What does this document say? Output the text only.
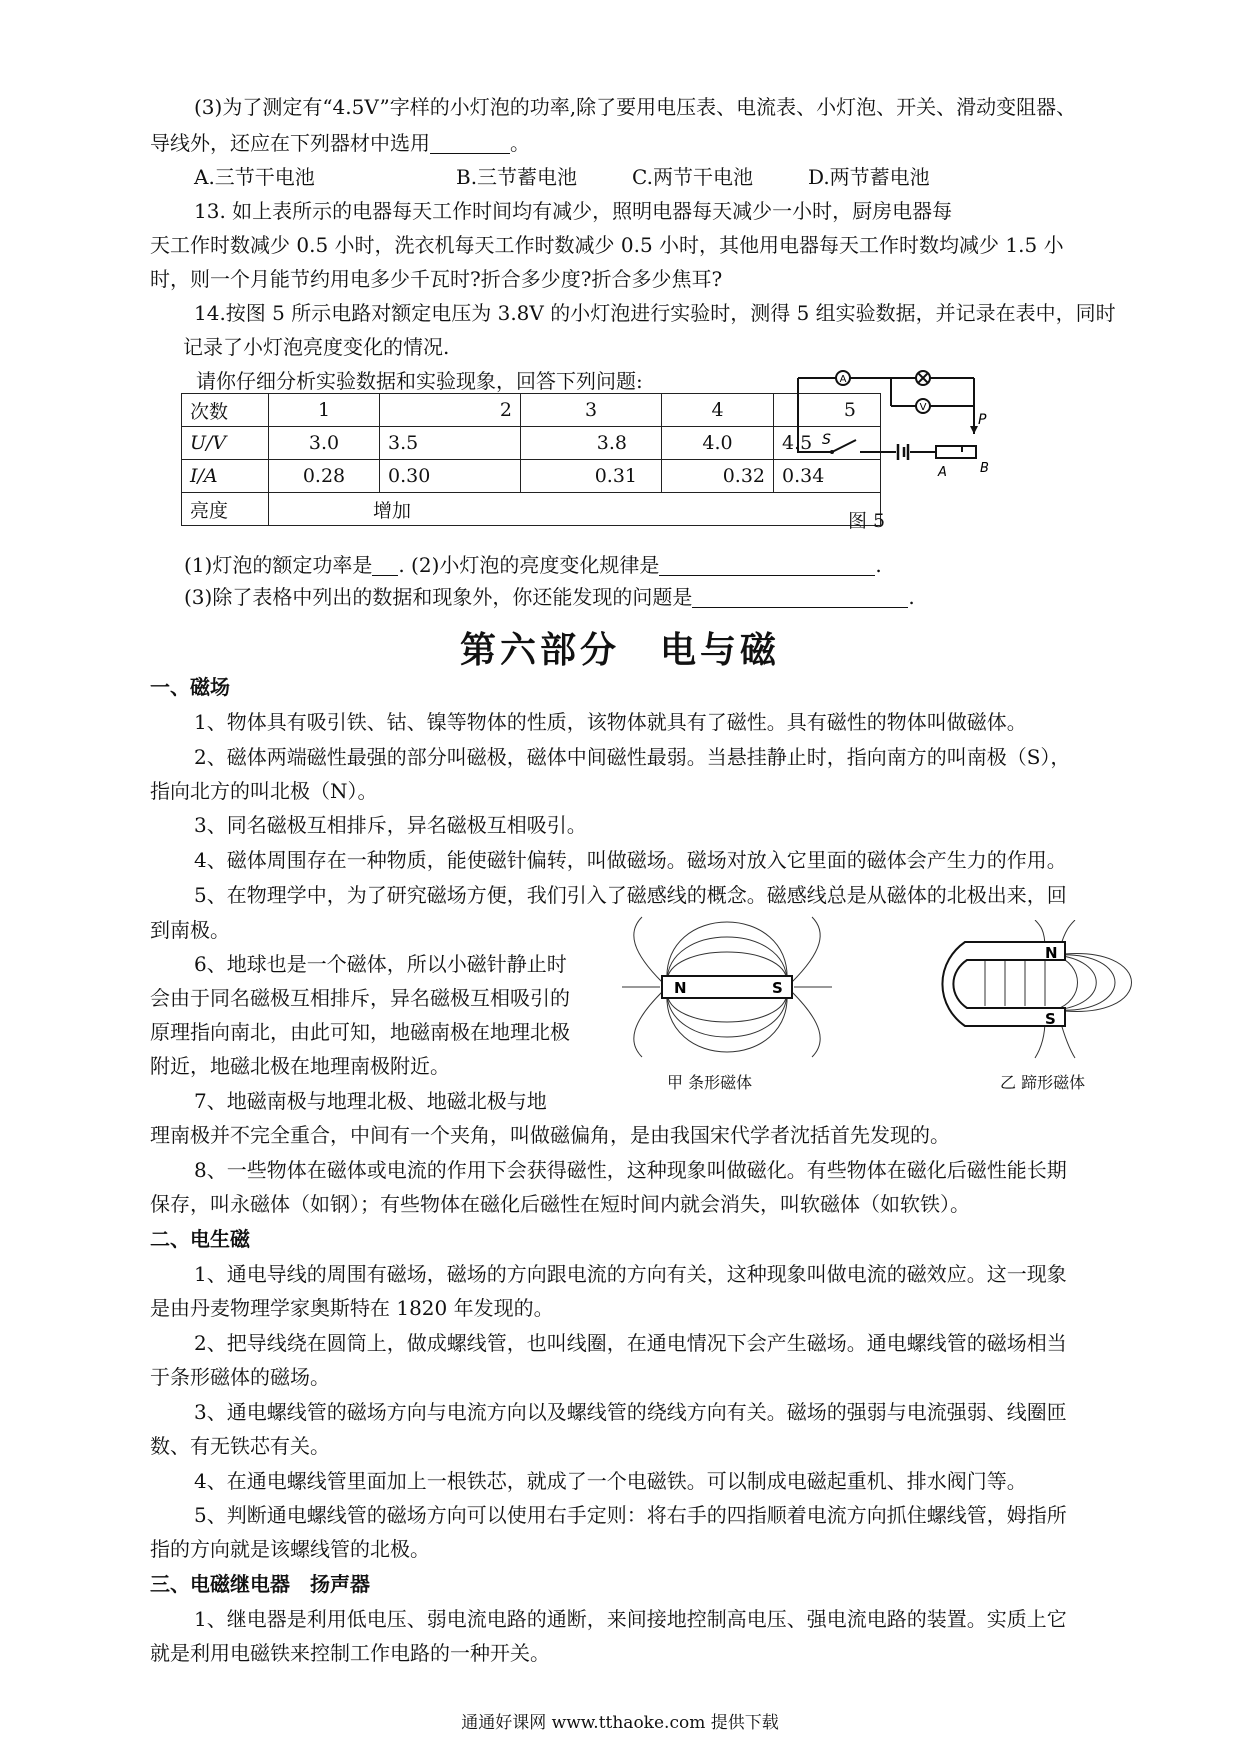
(3)为了测定有“4.5V”字样的小灯泡的功率,除了要用电压表、电流表、小灯泡、开关、滑动变阻器、
导线外，还应在下列器材中选用	。
A.三节干电池	B.三节蓄电池	C.两节干电池	D.两节蓄电池
13. 如上表所示的电器每天工作时间均有减少，照明电器每天减少一小时，厨房电器每
天工作时数减少 0.5 小时，洗衣机每天工作时数减少 0.5 小时，其他用电器每天工作时数均减少 1.5 小
时，则一个月能节约用电多少千瓦时?折合多少度?折合多少焦耳?
14.按图 5 所示电路对额定电压为 3.8V 的小灯泡进行实验时，测得 5 组实验数据，并记录在表中，同时
记录了小灯泡亮度变化的情况.
请你仔细分析实验数据和实验现象，回答下列问题:
次数	1	2	3	4	5
U/V	3.0	3.5	3.8	4.0	4.5
I/A	0.28	0.30	0.31	0.32	0.34
亮度	增加				
A
V
S
P
A	B
图 5
(1)灯泡的额定功率是 . (2)小灯泡的亮度变化规律是	.
(3)除了表格中列出的数据和现象外，你还能发现的问题是	.
第六部分　电与磁
一、磁场
1、物体具有吸引铁、钴、镍等物体的性质，该物体就具有了磁性。具有磁性的物体叫做磁体。
2、磁体两端磁性最强的部分叫磁极，磁体中间磁性最弱。当悬挂静止时，指向南方的叫南极（S），
指向北方的叫北极（N）。
3、同名磁极互相排斥，异名磁极互相吸引。
4、磁体周围存在一种物质，能使磁针偏转，叫做磁场。磁场对放入它里面的磁体会产生力的作用。
5、在物理学中，为了研究磁场方便，我们引入了磁感线的概念。磁感线总是从磁体的北极出来，回
到南极。
6、地球也是一个磁体，所以小磁针静止时
会由于同名磁极互相排斥，异名磁极互相吸引的
原理指向南北，由此可知，地磁南极在地理北极
附近，地磁北极在地理南极附近。
7、地磁南极与地理北极、地磁北极与地
理南极并不完全重合，中间有一个夹角，叫做磁偏角，是由我国宋代学者沈括首先发现的。
8、一些物体在磁体或电流的作用下会获得磁性，这种现象叫做磁化。有些物体在磁化后磁性能长期
保存，叫永磁体（如钢）；有些物体在磁化后磁性在短时间内就会消失，叫软磁体（如软铁）。
N	S
甲 条形磁体
N
S
乙 蹄形磁体
二、电生磁
1、通电导线的周围有磁场，磁场的方向跟电流的方向有关，这种现象叫做电流的磁效应。这一现象
是由丹麦物理学家奥斯特在 1820 年发现的。
2、把导线绕在圆筒上，做成螺线管，也叫线圈，在通电情况下会产生磁场。通电螺线管的磁场相当
于条形磁体的磁场。
3、通电螺线管的磁场方向与电流方向以及螺线管的绕线方向有关。磁场的强弱与电流强弱、线圈匝
数、有无铁芯有关。
4、在通电螺线管里面加上一根铁芯，就成了一个电磁铁。可以制成电磁起重机、排水阀门等。
5、判断通电螺线管的磁场方向可以使用右手定则：将右手的四指顺着电流方向抓住螺线管，姆指所
指的方向就是该螺线管的北极。
三、电磁继电器　扬声器
1、继电器是利用低电压、弱电流电路的通断，来间接地控制高电压、强电流电路的装置。实质上它
就是利用电磁铁来控制工作电路的一种开关。
通通好课网 www.tthaoke.com 提供下载
